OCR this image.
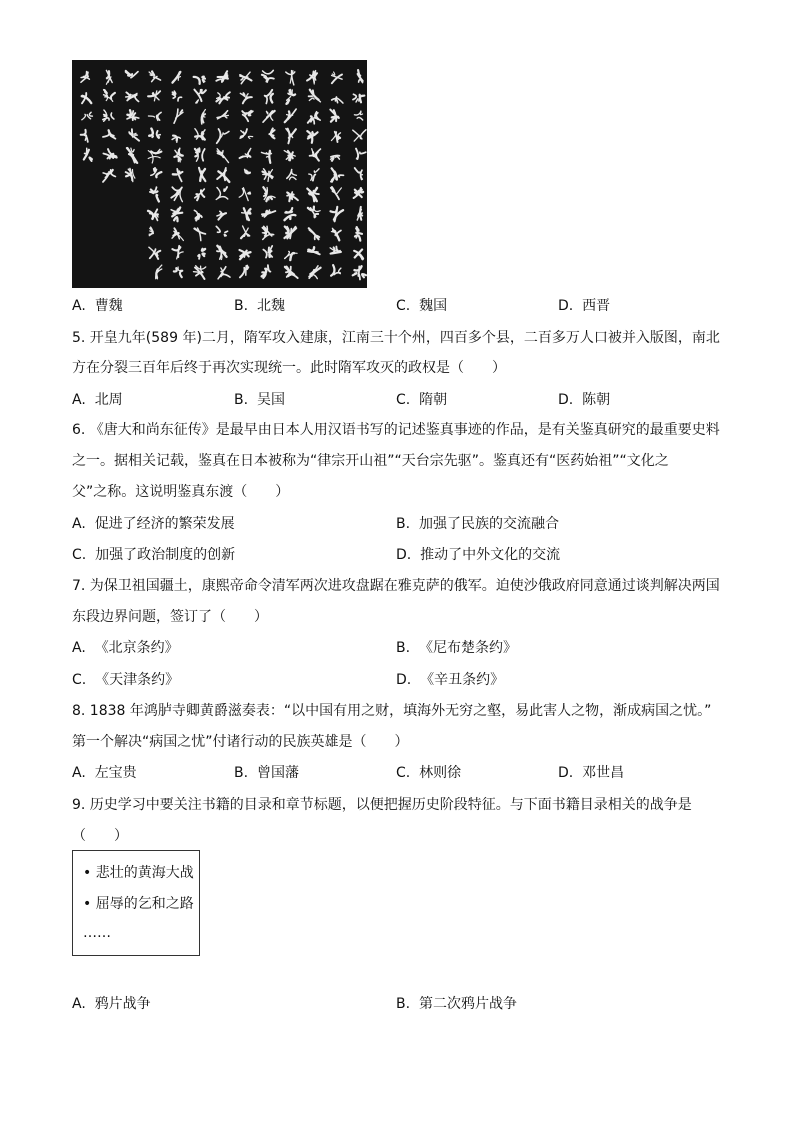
A. 曹魏	B. 北魏	C. 魏国	D. 西晋
5. 开皇九年(589 年)二月，隋军攻入建康，江南三十个州，四百多个县，二百多万人口被并入版图，南北
方在分裂三百年后终于再次实现统一。此时隋军攻灭的政权是（　　）
A. 北周	B. 吴国	C. 隋朝	D. 陈朝
6. 《唐大和尚东征传》是最早由日本人用汉语书写的记述鉴真事迹的作品，是有关鉴真研究的最重要史料
之一。据相关记载，鉴真在日本被称为“律宗开山祖”“天台宗先驱”。鉴真还有“医药始祖”“文化之
父”之称。这说明鉴真东渡（　　）
A. 促进了经济的繁荣发展	B. 加强了民族的交流融合
C. 加强了政治制度的创新	D. 推动了中外文化的交流
7. 为保卫祖国疆土，康熙帝命令清军两次进攻盘踞在雅克萨的俄军。迫使沙俄政府同意通过谈判解决两国
东段边界问题，签订了（　　）
A. 《北京条约》	B. 《尼布楚条约》
C. 《天津条约》	D. 《辛丑条约》
8. 1838 年鸿胪寺卿黄爵滋奏表：“以中国有用之财，填海外无穷之壑，易此害人之物，渐成病国之忧。”
第一个解决“病国之忧”付诸行动的民族英雄是（　　）
A. 左宝贵	B. 曾国藩	C. 林则徐	D. 邓世昌
9. 历史学习中要关注书籍的目录和章节标题，以便把握历史阶段特征。与下面书籍目录相关的战争是
（　　）
• 悲壮的黄海大战
• 屈辱的乞和之路
……
A. 鸦片战争	B. 第二次鸦片战争
